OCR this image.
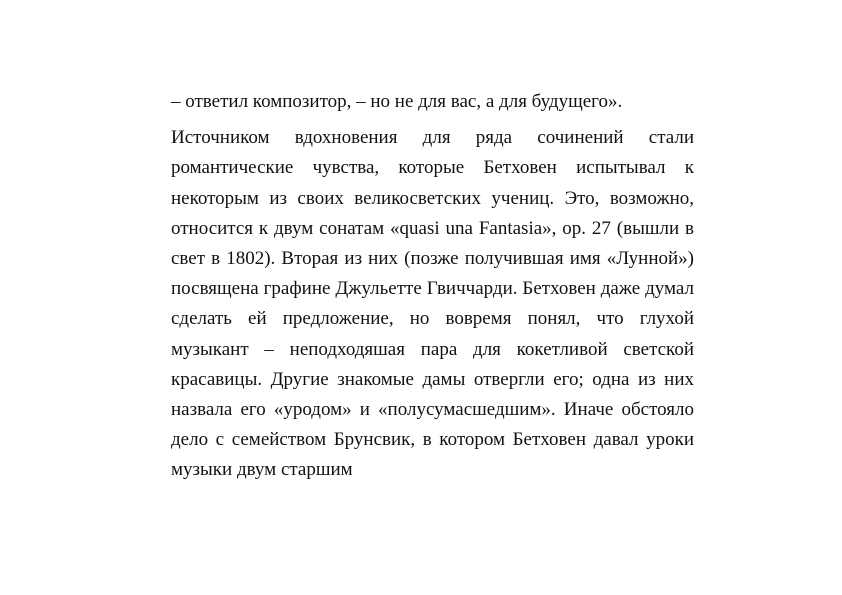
– ответил композитор, – но не для вас, а для будущего».

Источником вдохновения для ряда сочинений стали романтические чувства, которые Бетховен испытывал к некоторым из своих великосветских учениц. Это, возможно, относится к двум сонатам «quasi una Fantasia», op. 27 (вышли в свет в 1802). Вторая из них (позже получившая имя «Лунной») посвящена графине Джульетте Гвиччарди. Бетховен даже думал сделать ей предложение, но вовремя понял, что глухой музыкант – неподходяшая пара для кокетливой светской красавицы. Другие знакомые дамы отвергли его; одна из них назвала его «уродом» и «полусумасшедшим». Иначе обстояло дело с семейством Брунсвик, в котором Бетховен давал уроки музыки двум старшим
